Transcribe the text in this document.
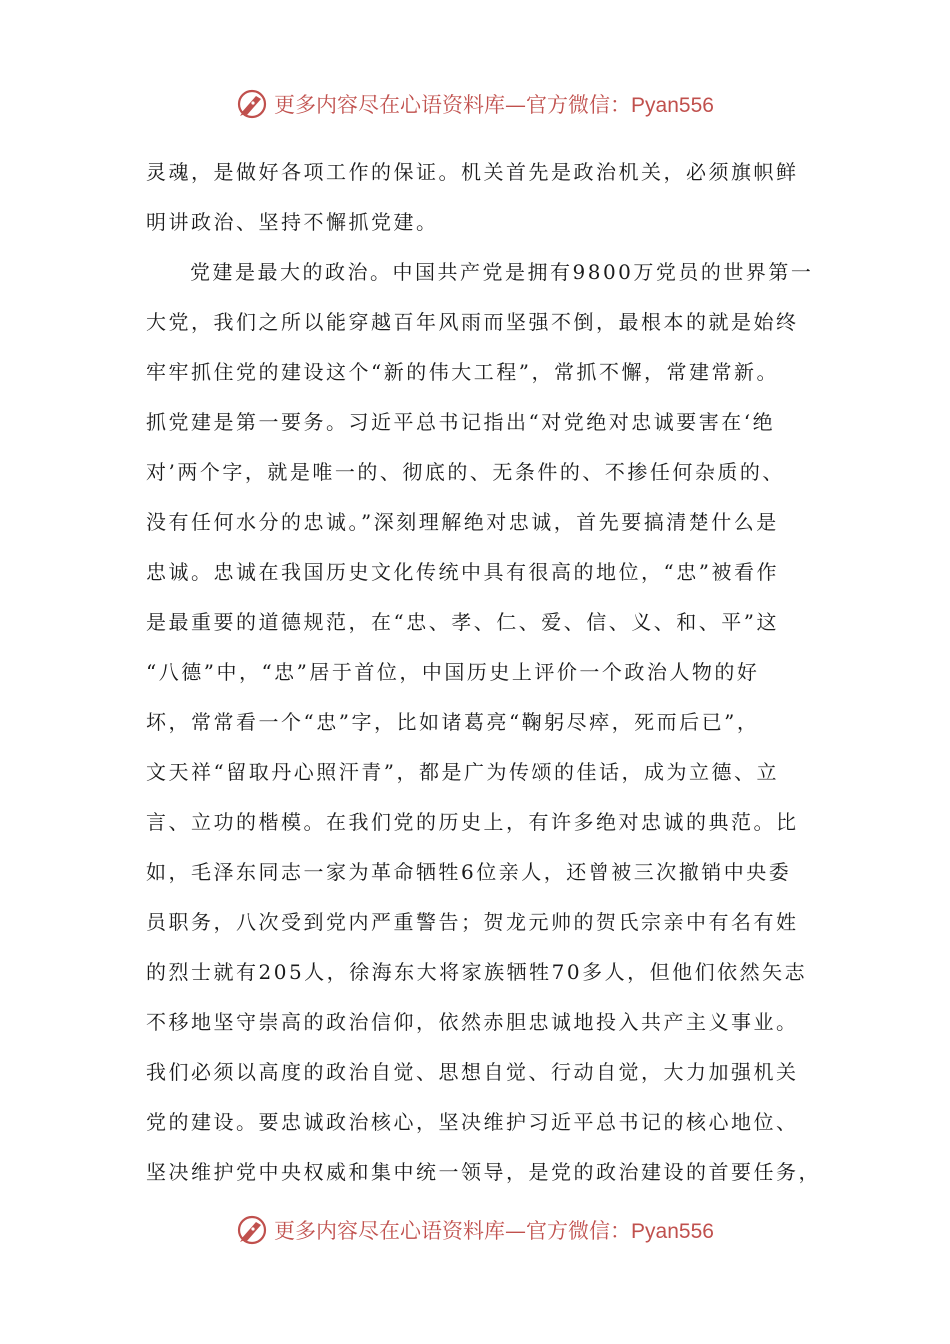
更多内容尽在心语资料库—官方微信：Pyan556
灵魂，是做好各项工作的保证。机关首先是政治机关，必须旗帜鲜
明讲政治、坚持不懈抓党建。
党建是最大的政治。中国共产党是拥有9800万党员的世界第一
大党，我们之所以能穿越百年风雨而坚强不倒，最根本的就是始终
牢牢抓住党的建设这个“新的伟大工程”，常抓不懈，常建常新。
抓党建是第一要务。习近平总书记指出“对党绝对忠诚要害在‘绝
对’两个字，就是唯一的、彻底的、无条件的、不掺任何杂质的、
没有任何水分的忠诚。”深刻理解绝对忠诚，首先要搞清楚什么是
忠诚。忠诚在我国历史文化传统中具有很高的地位，“忠”被看作
是最重要的道德规范，在“忠、孝、仁、爱、信、义、和、平”这
“八德”中，“忠”居于首位，中国历史上评价一个政治人物的好
坏，常常看一个“忠”字，比如诸葛亮“鞠躬尽瘁，死而后已”，
文天祥“留取丹心照汗青”，都是广为传颂的佳话，成为立德、立
言、立功的楷模。在我们党的历史上，有许多绝对忠诚的典范。比
如，毛泽东同志一家为革命牺牲6位亲人，还曾被三次撤销中央委
员职务，八次受到党内严重警告；贺龙元帅的贺氏宗亲中有名有姓
的烈士就有205人，徐海东大将家族牺牲70多人，但他们依然矢志
不移地坚守崇高的政治信仰，依然赤胆忠诚地投入共产主义事业。
我们必须以高度的政治自觉、思想自觉、行动自觉，大力加强机关
党的建设。要忠诚政治核心，坚决维护习近平总书记的核心地位、
坚决维护党中央权威和集中统一领导，是党的政治建设的首要任务，
更多内容尽在心语资料库—官方微信：Pyan556
